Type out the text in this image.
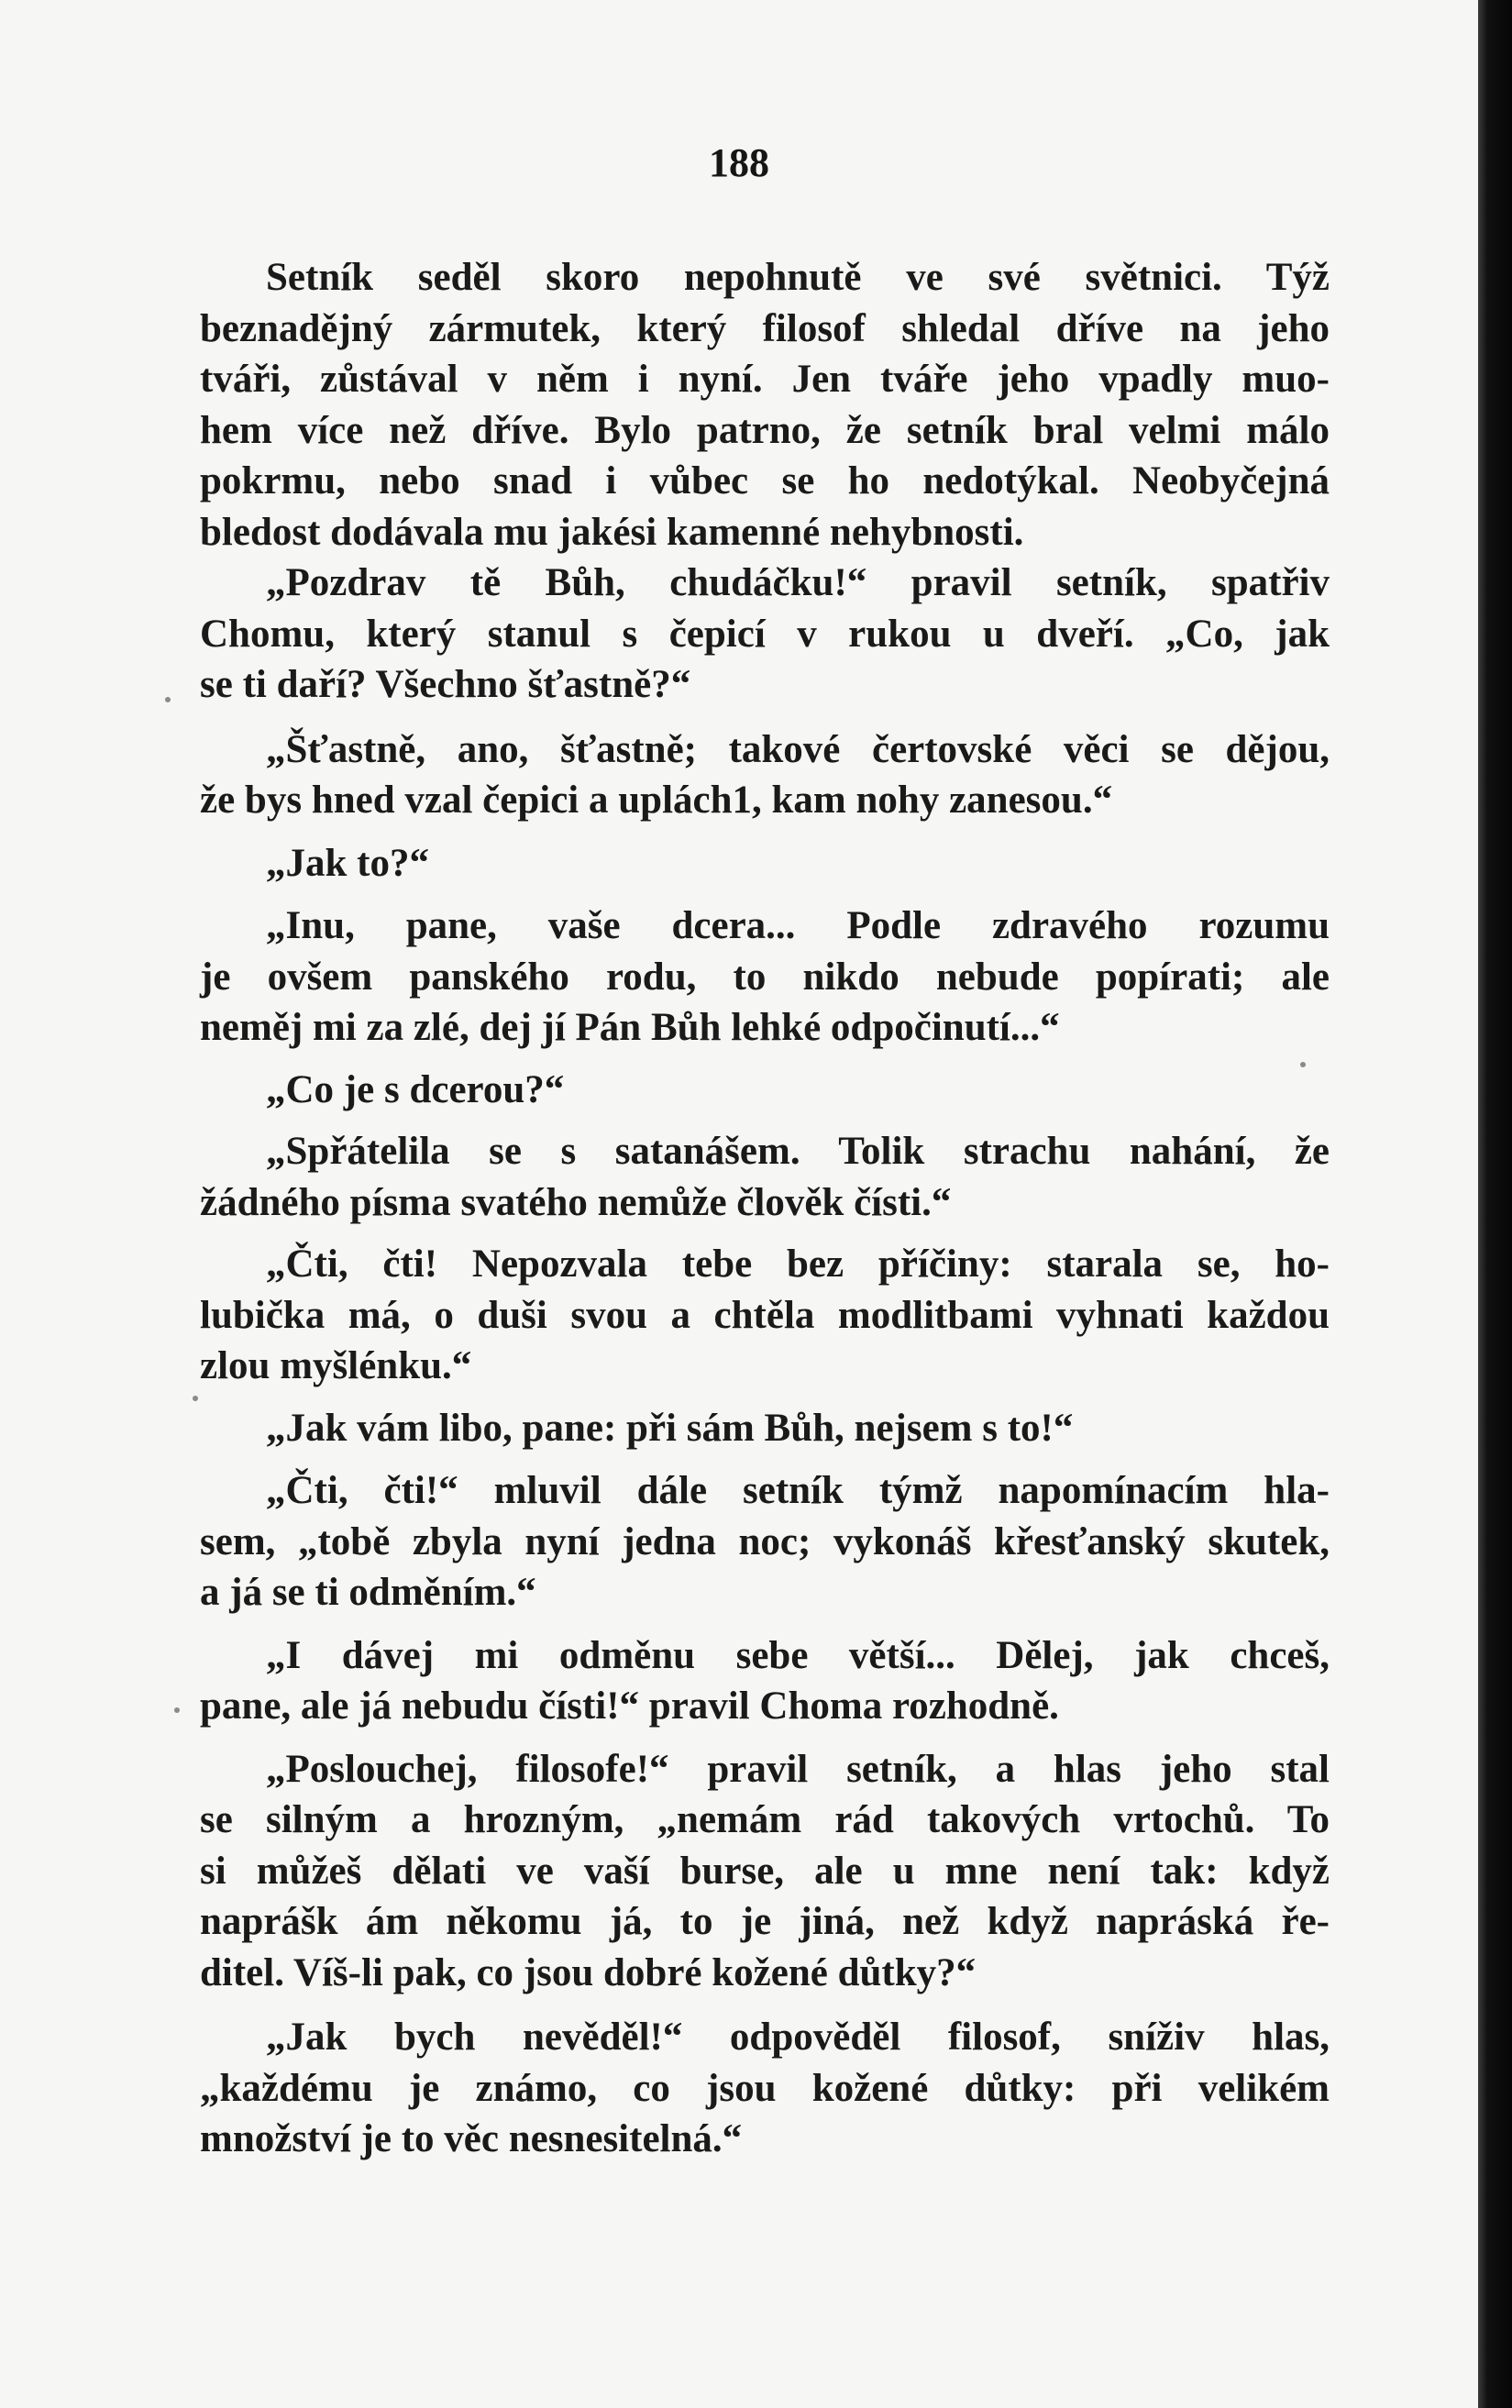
188
Setník seděl skoro nepohnutě ve své světnici. Týž
beznadějný zármutek, který filosof shledal dříve na jeho
tváři, zůstával v něm i nyní. Jen tváře jeho vpadly muo-
hem více než dříve. Bylo patrno, že setník bral velmi málo
pokrmu, nebo snad i vůbec se ho nedotýkal. Neobyčejná
bledost dodávala mu jakési kamenné nehybnosti.
„Pozdrav tě Bůh, chudáčku!“ pravil setník, spatřiv
Chomu, který stanul s čepicí v rukou u dveří. „Co, jak
se ti daří? Všechno šťastně?“
„Šťastně, ano, šťastně; takové čertovské věci se dějou,
že bys hned vzal čepici a uplách1, kam nohy zanesou.“
„Jak to?“
„Inu, pane, vaše dcera... Podle zdravého rozumu
je ovšem panského rodu, to nikdo nebude popírati; ale
neměj mi za zlé, dej jí Pán Bůh lehké odpočinutí...“
„Co je s dcerou?“
„Spřátelila se s satanášem. Tolik strachu nahání, že
žádného písma svatého nemůže člověk čísti.“
„Čti, čti! Nepozvala tebe bez příčiny: starala se, ho-
lubička má, o duši svou a chtěla modlitbami vyhnati každou
zlou myšlénku.“
„Jak vám libo, pane: při sám Bůh, nejsem s to!“
„Čti, čti!“ mluvil dále setník týmž napomínacím hla-
sem, „tobě zbyla nyní jedna noc; vykonáš křesťanský skutek,
a já se ti odměním.“
„I dávej mi odměnu sebe větší... Dělej, jak chceš,
pane, ale já nebudu čísti!“ pravil Choma rozhodně.
„Poslouchej, filosofe!“ pravil setník, a hlas jeho stal
se silným a hrozným, „nemám rád takových vrtochů. To
si můžeš dělati ve vaší burse, ale u mne není tak: když
naprášk ám někomu já, to je jiná, než když napráská ře-
ditel. Víš-li pak, co jsou dobré kožené důtky?“
„Jak bych nevěděl!“ odpověděl filosof, sníživ hlas,
„každému je známo, co jsou kožené důtky: při velikém
množství je to věc nesnesitelná.“
